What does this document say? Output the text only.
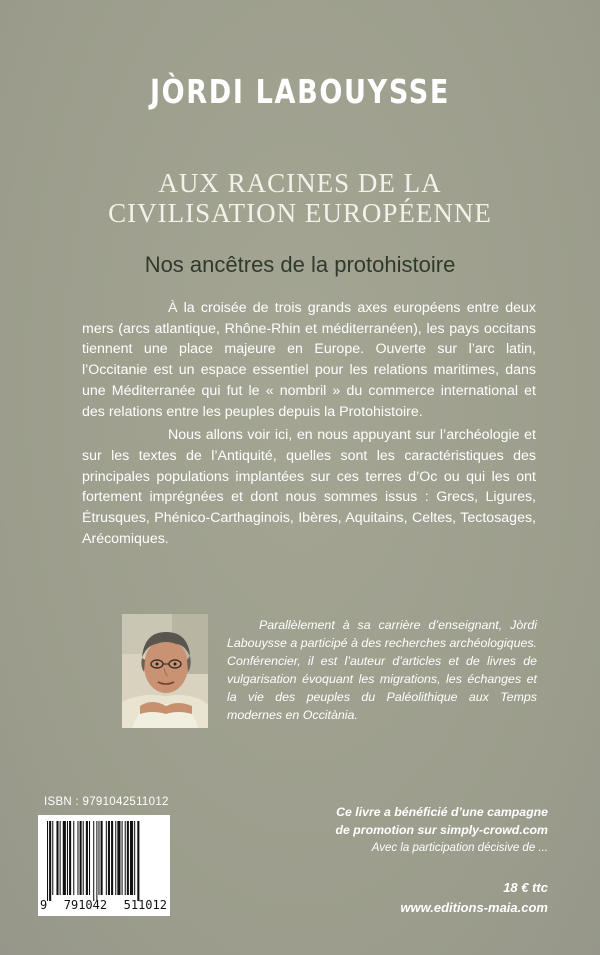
JÒRDI LABOUYSSE
AUX RACINES DE LA
CIVILISATION EUROPÉENNE
Nos ancêtres de la protohistoire

À la croisée de trois grands axes européens entre deux mers (arcs atlantique, Rhône-Rhin et méditerranéen), les pays occitans tiennent une place majeure en Europe. Ouverte sur l’arc latin, l’Occitanie est un espace essentiel pour les relations maritimes, dans une Méditerranée qui fut le « nombril » du commerce international et des relations entre les peuples depuis la Protohistoire.

Nous allons voir ici, en nous appuyant sur l’archéologie et sur les textes de l’Antiquité, quelles sont les caractéristiques des principales populations implantées sur ces terres d’Oc ou qui les ont fortement imprégnées et dont nous sommes issus : Grecs, Ligures, Étrusques, Phénico-Carthaginois, Ibères, Aquitains, Celtes, Tectosages, Arécomiques.

Parallèlement à sa carrière d’enseignant, Jòrdi Labouysse a participé à des recherches archéologiques. Conférencier, il est l’auteur d’articles et de livres de vulgarisation évoquant les migrations, les échanges et la vie des peuples du Paléolithique aux Temps modernes en Occitània.

ISBN : 9791042511012
9 791042 511012
Ce livre a bénéficié d’une campagne
de promotion sur simply-crowd.com
Avec la participation décisive de ...
18 € ttc
www.editions-maia.com
